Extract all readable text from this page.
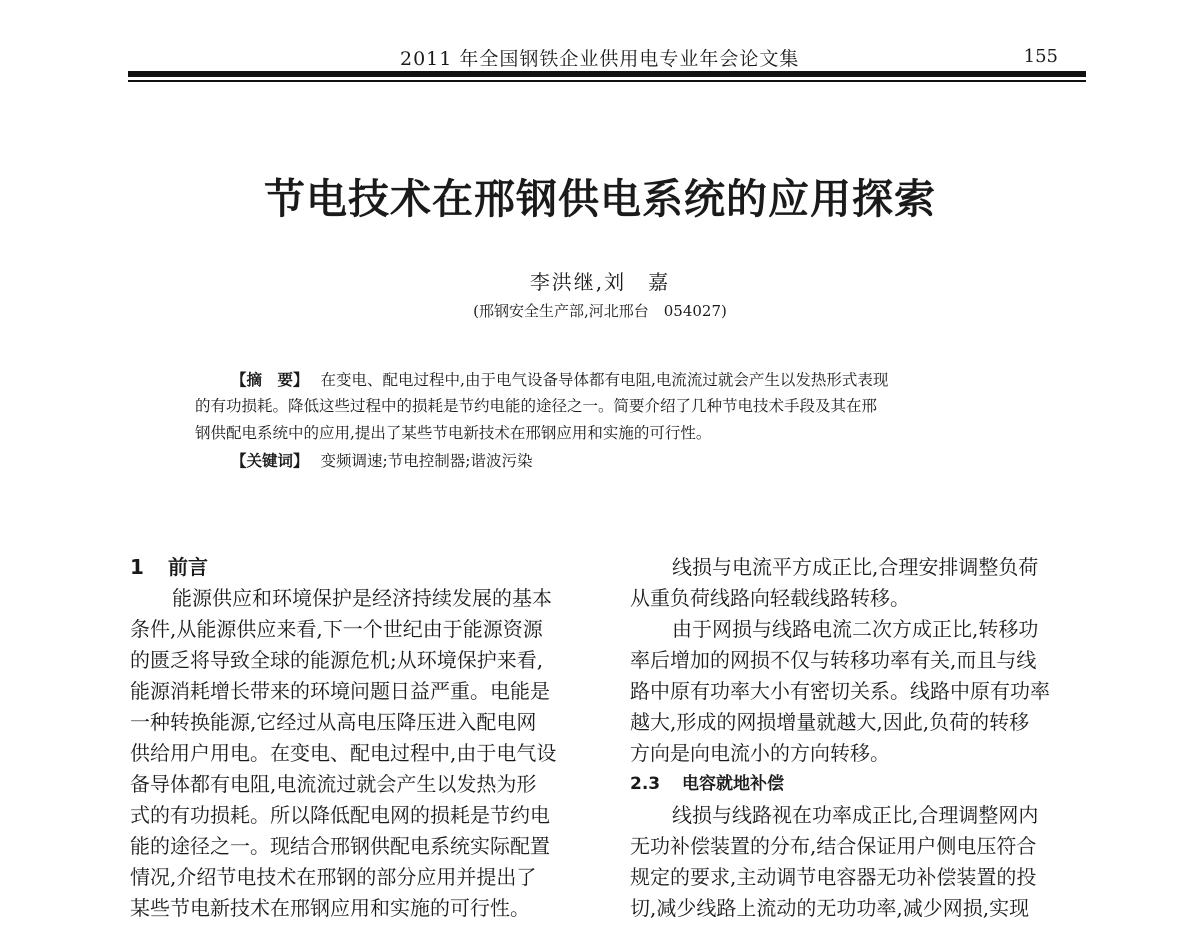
2011 年全国钢铁企业供用电专业年会论文集	155
节电技术在邢钢供电系统的应用探索
李洪继,刘　嘉
(邢钢安全生产部,河北邢台　054027)
【摘　要】 在变电、配电过程中,由于电气设备导体都有电阻,电流流过就会产生以发热形式表现
的有功损耗。降低这些过程中的损耗是节约电能的途径之一。简要介绍了几种节电技术手段及其在邢
钢供配电系统中的应用,提出了某些节电新技术在邢钢应用和实施的可行性。
【关键词】 变频调速;节电控制器;谐波污染
1 前言
能源供应和环境保护是经济持续发展的基本
条件,从能源供应来看,下一个世纪由于能源资源
的匮乏将导致全球的能源危机;从环境保护来看,
能源消耗增长带来的环境问题日益严重。电能是
一种转换能源,它经过从高电压降压进入配电网
供给用户用电。在变电、配电过程中,由于电气设
备导体都有电阻,电流流过就会产生以发热为形
式的有功损耗。所以降低配电网的损耗是节约电
能的途径之一。现结合邢钢供配电系统实际配置
情况,介绍节电技术在邢钢的部分应用并提出了
某些节电新技术在邢钢应用和实施的可行性。
线损与电流平方成正比,合理安排调整负荷
从重负荷线路向轻载线路转移。
由于网损与线路电流二次方成正比,转移功
率后增加的网损不仅与转移功率有关,而且与线
路中原有功率大小有密切关系。线路中原有功率
越大,形成的网损增量就越大,因此,负荷的转移
方向是向电流小的方向转移。
2.3 电容就地补偿
线损与线路视在功率成正比,合理调整网内
无功补偿装置的分布,结合保证用户侧电压符合
规定的要求,主动调节电容器无功补偿装置的投
切,减少线路上流动的无功功率,减少网损,实现
